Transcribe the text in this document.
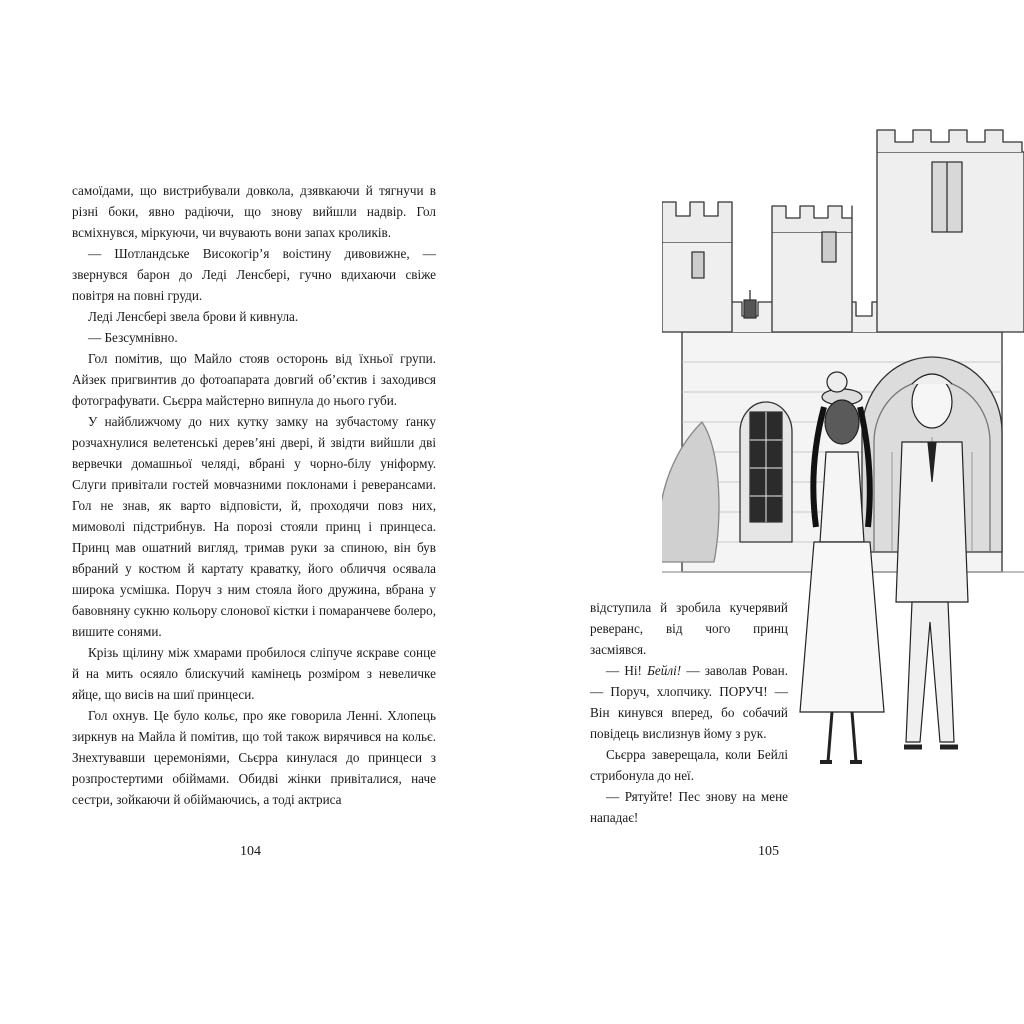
самоїдами, що вистрибували довкола, дзявкаючи й тягнучи в різні боки, явно радіючи, що знову вийшли надвір. Гол всміхнувся, міркуючи, чи вчувають вони запах кроликів.

— Шотландське Високогір’я воістину дивовижне, — звернувся барон до Леді Ленсбері, гучно вдихаючи свіже повітря на повні груди.

Леді Ленсбері звела брови й кивнула.

— Безсумнівно.

Гол помітив, що Майло стояв осторонь від їхньої групи. Айзек пригвинтив до фотоапарата довгий об’єктив і заходився фотографувати. Сьєрра майстерно випнула до нього губи.

У найближчому до них кутку замку на зубчастому ґанку розчахнулися велетенські дерев’яні двері, й звідти вийшли дві вервечки домашньої челяді, вбрані у чорно-білу уніформу. Слуги привітали гостей мовчазними поклонами і реверансами. Гол не знав, як варто відповісти, й, проходячи повз них, мимоволі підстрибнув. На порозі стояли принц і принцеса. Принц мав ошатний вигляд, тримав руки за спиною, він був вбраний у костюм й картату краватку, його обличчя осявала широка усмішка. Поруч з ним стояла його дружина, вбрана у бавовняну сукню кольору слонової кістки і помаранчеве болеро, вишите сонями.

Крізь щілину між хмарами пробилося сліпуче яскраве сонце й на мить осяяло блискучий камінець розміром з невеличке яйце, що висів на шиї принцеси.

Гол охнув. Це було кольє, про яке говорила Ленні. Хлопець зиркнув на Майла й помітив, що той також вирячився на кольє. Знехтувавши церемоніями, Сьєрра кинулася до принцеси з розпростертими обіймами. Обидві жінки привіталися, наче сестри, зойкаючи й обіймаючись, а тоді актриса

104

відступила й зробила кучерявий реверанс, від чого принц засміявся.

— Ні! Бейлі! — заволав Рован. — Поруч, хлопчику. ПОРУЧ! — Він кинувся вперед, бо собачий повідець вислизнув йому з рук.

Сьєрра заверещала, коли Бейлі стрибонула до неї.

— Рятуйте! Пес знову на мене нападає!

105
